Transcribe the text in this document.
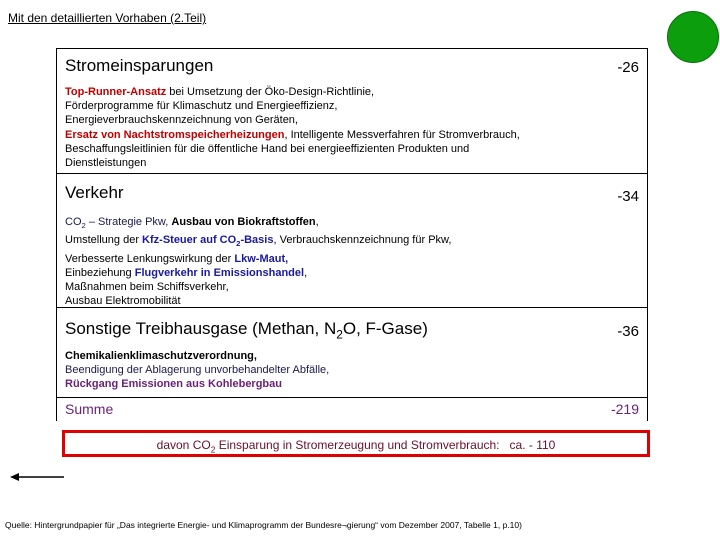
Mit den detaillierten Vorhaben (2.Teil)
Stromeinsparungen	-26
Top-Runner-Ansatz bei Umsetzung der Öko-Design-Richtlinie,
Förderprogramme für Klimaschutz und Energieeffizienz,
Energieverbrauchskennzeichnung von Geräten,
Ersatz von Nachtstromspeicherheizungen, Intelligente Messverfahren für Stromverbrauch,
Beschaffungsleitlinien für die öffentliche Hand bei energieeffizienten Produkten und
Dienstleistungen
Verkehr	-34
$CO_2$ – Strategie Pkw, Ausbau von Biokraftstoffen,
Umstellung der Kfz-Steuer auf $CO_2$-Basis, Verbrauchskennzeichnung für Pkw,
Verbesserte Lenkungswirkung der Lkw-Maut,
Einbeziehung Flugverkehr in Emissionshandel,
Maßnahmen beim Schiffsverkehr,
Ausbau Elektromobilität
Sonstige Treibhausgase (Methan, $N_2O$, F-Gase)	-36
Chemikalienklimaschutzverordnung,
Beendigung der Ablagerung unvorbehandelter Abfälle,
Rückgang Emissionen aus Kohlebergbau
Summe	-219
davon $CO_2$ Einsparung in Stromerzeugung und Stromverbrauch: ca. - 110
Quelle: Hintergrundpapier für „Das integrierte Energie- und Klimaprogramm der Bundesre¬gierung“ vom Dezember 2007, Tabelle 1, p.10)
